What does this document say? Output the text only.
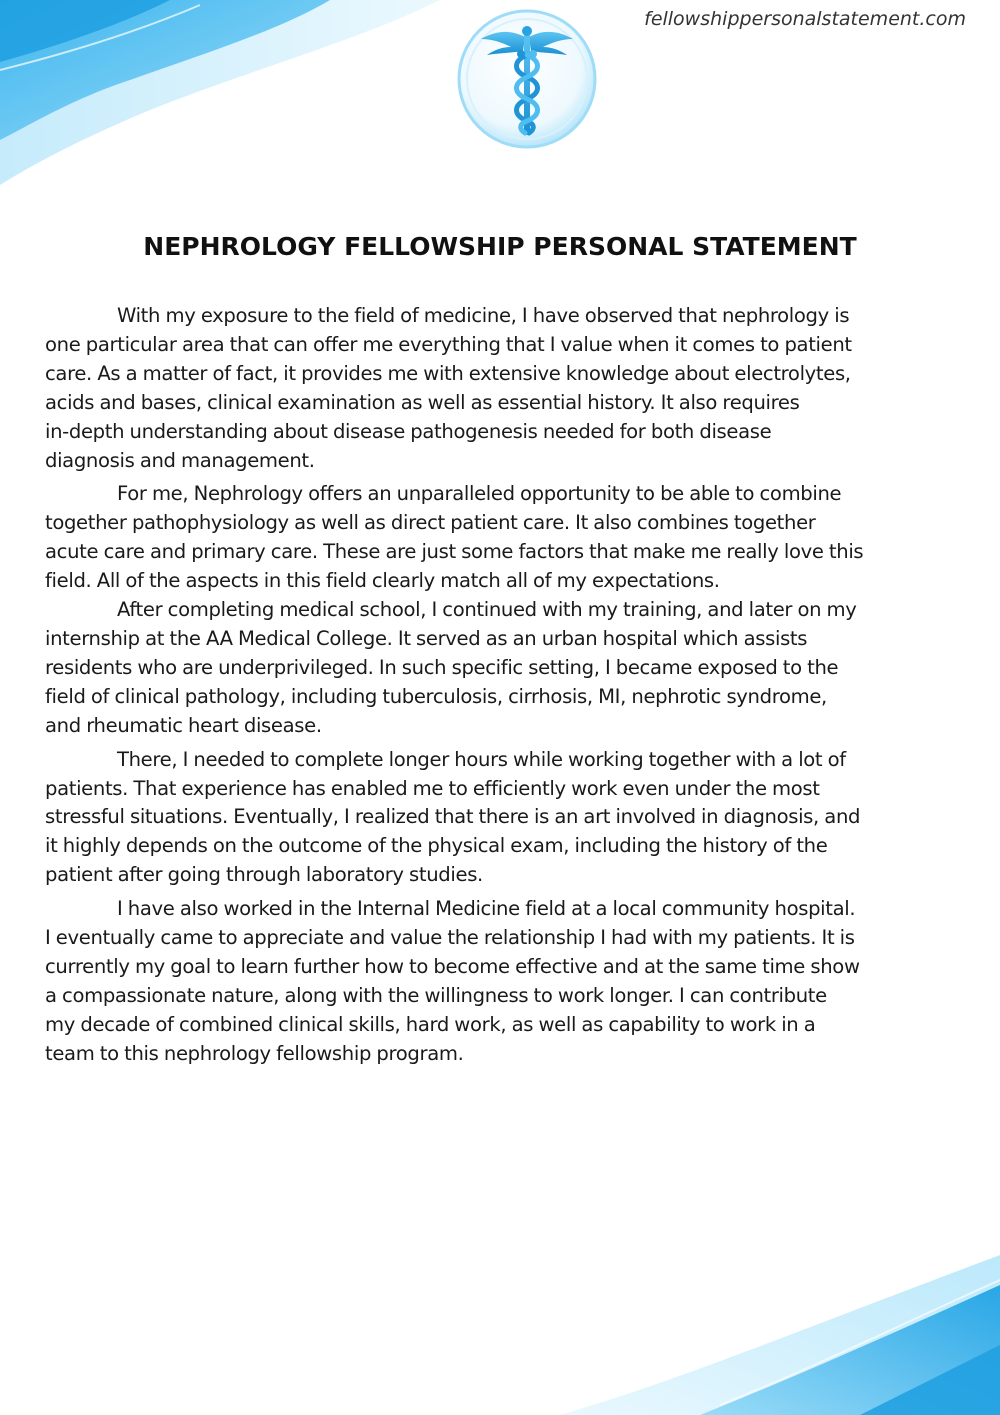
fellowshippersonalstatement.com
NEPHROLOGY FELLOWSHIP PERSONAL STATEMENT

With my exposure to the field of medicine, I have observed that nephrology is
one particular area that can offer me everything that I value when it comes to patient
care. As a matter of fact, it provides me with extensive knowledge about electrolytes,
acids and bases, clinical examination as well as essential history. It also requires
in-depth understanding about disease pathogenesis needed for both disease
diagnosis and management.

For me, Nephrology offers an unparalleled opportunity to be able to combine
together pathophysiology as well as direct patient care. It also combines together
acute care and primary care. These are just some factors that make me really love this
field. All of the aspects in this field clearly match all of my expectations.

After completing medical school, I continued with my training, and later on my
internship at the AA Medical College. It served as an urban hospital which assists
residents who are underprivileged. In such specific setting, I became exposed to the
field of clinical pathology, including tuberculosis, cirrhosis, MI, nephrotic syndrome,
and rheumatic heart disease.

There, I needed to complete longer hours while working together with a lot of
patients. That experience has enabled me to efficiently work even under the most
stressful situations. Eventually, I realized that there is an art involved in diagnosis, and
it highly depends on the outcome of the physical exam, including the history of the
patient after going through laboratory studies.

I have also worked in the Internal Medicine field at a local community hospital.
I eventually came to appreciate and value the relationship I had with my patients. It is
currently my goal to learn further how to become effective and at the same time show
a compassionate nature, along with the willingness to work longer. I can contribute
my decade of combined clinical skills, hard work, as well as capability to work in a
team to this nephrology fellowship program.
